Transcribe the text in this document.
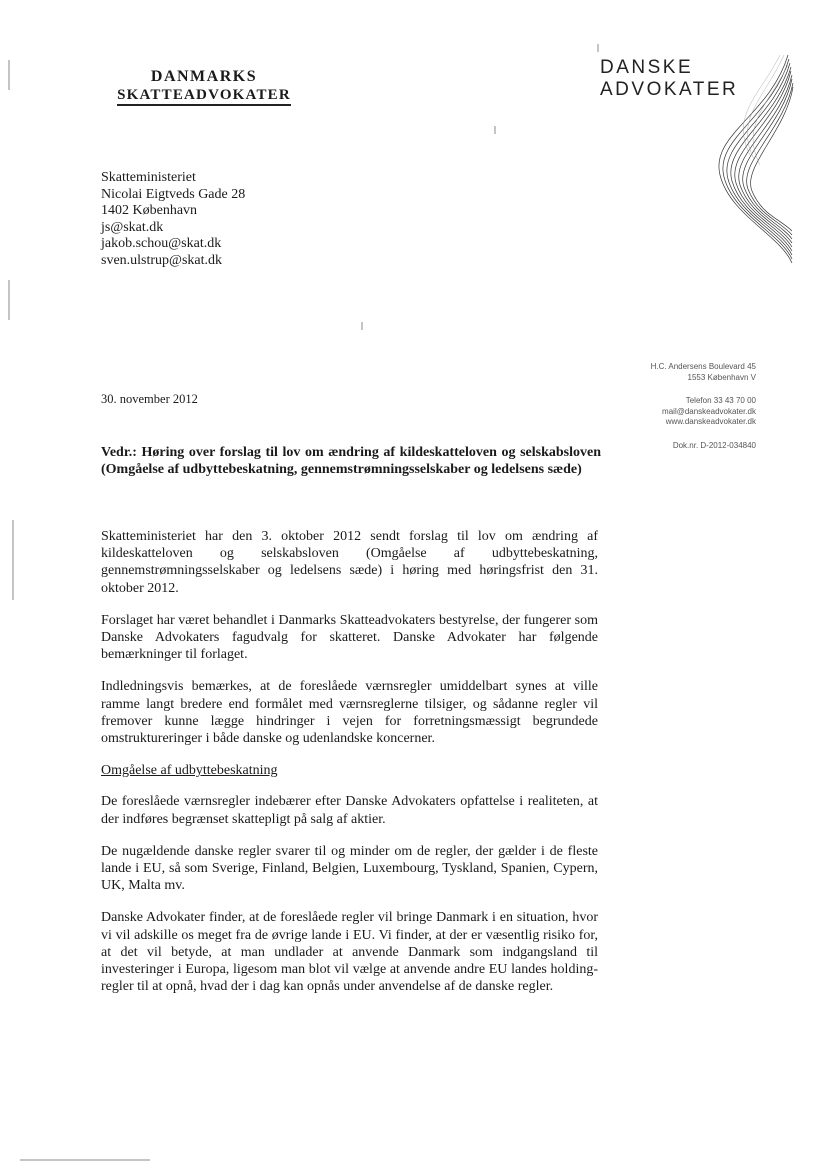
DANMARKS
SKATTEADVOKATER
DANSKE
ADVOKATER
Skatteministeriet
Nicolai Eigtveds Gade 28
1402 København
js@skat.dk
jakob.schou@skat.dk
sven.ulstrup@skat.dk
H.C. Andersens Boulevard 45
1553 København V
Telefon 33 43 70 00
mail@danskeadvokater.dk
www.danskeadvokater.dk
Dok.nr. D-2012-034840
30. november 2012
Vedr.: Høring over forslag til lov om ændring af kildeskatteloven og selskabsloven (Omgåelse af udbyttebeskatning, gennemstrømningsselskaber og ledelsens sæde)

Skatteministeriet har den 3. oktober 2012 sendt forslag til lov om ændring af kildeskatteloven og selskabsloven (Omgåelse af udbyttebeskatning, gennemstrømningsselskaber og ledelsens sæde) i høring med høringsfrist den 31. oktober 2012.

Forslaget har været behandlet i Danmarks Skatteadvokaters bestyrelse, der fungerer som Danske Advokaters fagudvalg for skatteret. Danske Advokater har følgende bemærkninger til forlaget.

Indledningsvis bemærkes, at de foreslåede værnsregler umiddelbart synes at ville ramme langt bredere end formålet med værnsreglerne tilsiger, og sådanne regler vil fremover kunne lægge hindringer i vejen for forretningsmæssigt begrundede omstruktureringer i både danske og udenlandske koncerner.

Omgåelse af udbyttebeskatning

De foreslåede værnsregler indebærer efter Danske Advokaters opfattelse i realiteten, at der indføres begrænset skattepligt på salg af aktier.

De nugældende danske regler svarer til og minder om de regler, der gælder i de fleste lande i EU, så som Sverige, Finland, Belgien, Luxembourg, Tyskland, Spanien, Cypern, UK, Malta mv.

Danske Advokater finder, at de foreslåede regler vil bringe Danmark i en situation, hvor vi vil adskille os meget fra de øvrige lande i EU. Vi finder, at der er væsentlig risiko for, at det vil betyde, at man undlader at anvende Danmark som indgangsland til investeringer i Europa, ligesom man blot vil vælge at anvende andre EU landes holding-regler til at opnå, hvad der i dag kan opnås under anvendelse af de danske regler.
